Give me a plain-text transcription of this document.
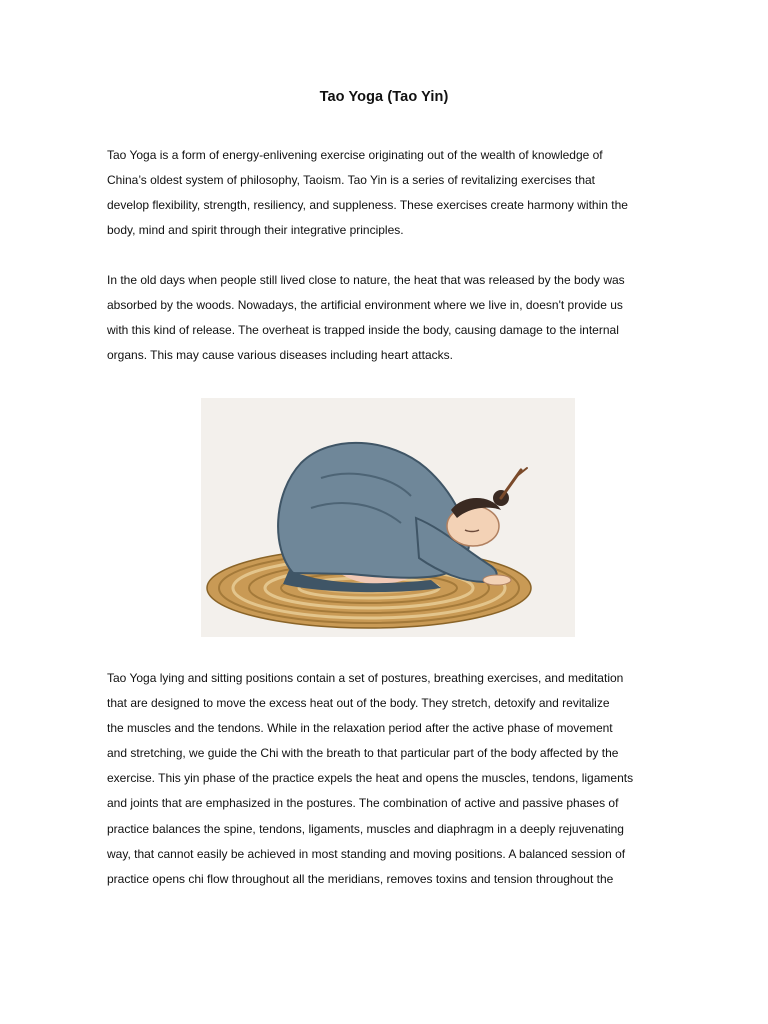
Tao Yoga (Tao Yin)

Tao Yoga is a form of energy-enlivening exercise originating out of the wealth of knowledge of
China’s oldest system of philosophy, Taoism. Tao Yin is a series of revitalizing exercises that
develop flexibility, strength, resiliency, and suppleness. These exercises create harmony within the
body, mind and spirit through their integrative principles.

In the old days when people still lived close to nature, the heat that was released by the body was
absorbed by the woods. Nowadays, the artificial environment where we live in, doesn't provide us
with this kind of release. The overheat is trapped inside the body, causing damage to the internal
organs. This may cause various diseases including heart attacks.

Tao Yoga lying and sitting positions contain a set of postures, breathing exercises, and meditation
that are designed to move the excess heat out of the body. They stretch, detoxify and revitalize
the muscles and the tendons. While in the relaxation period after the active phase of movement
and stretching, we guide the Chi with the breath to that particular part of the body affected by the
exercise. This yin phase of the practice expels the heat and opens the muscles, tendons, ligaments
and joints that are emphasized in the postures. The combination of active and passive phases of
practice balances the spine, tendons, ligaments, muscles and diaphragm in a deeply rejuvenating
way, that cannot easily be achieved in most standing and moving positions. A balanced session of
practice opens chi flow throughout all the meridians, removes toxins and tension throughout the
